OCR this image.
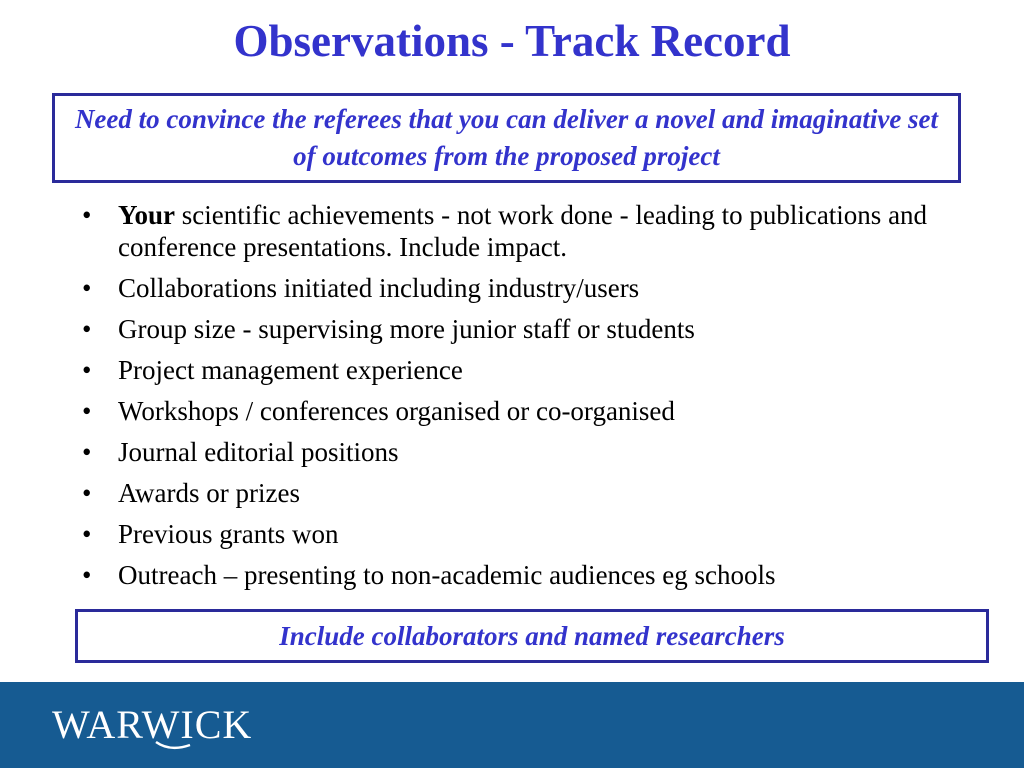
Observations - Track Record
Need to convince the referees that you can deliver a novel and imaginative set of outcomes from the proposed project
• Your scientific achievements - not work done - leading to publications and conference presentations. Include impact.
• Collaborations initiated including industry/users
• Group size - supervising more junior staff or students
• Project management experience
• Workshops / conferences organised or co-organised
• Journal editorial positions
• Awards or prizes
• Previous grants won
• Outreach – presenting to non-academic audiences eg schools
Include collaborators and named researchers
WARWICK
